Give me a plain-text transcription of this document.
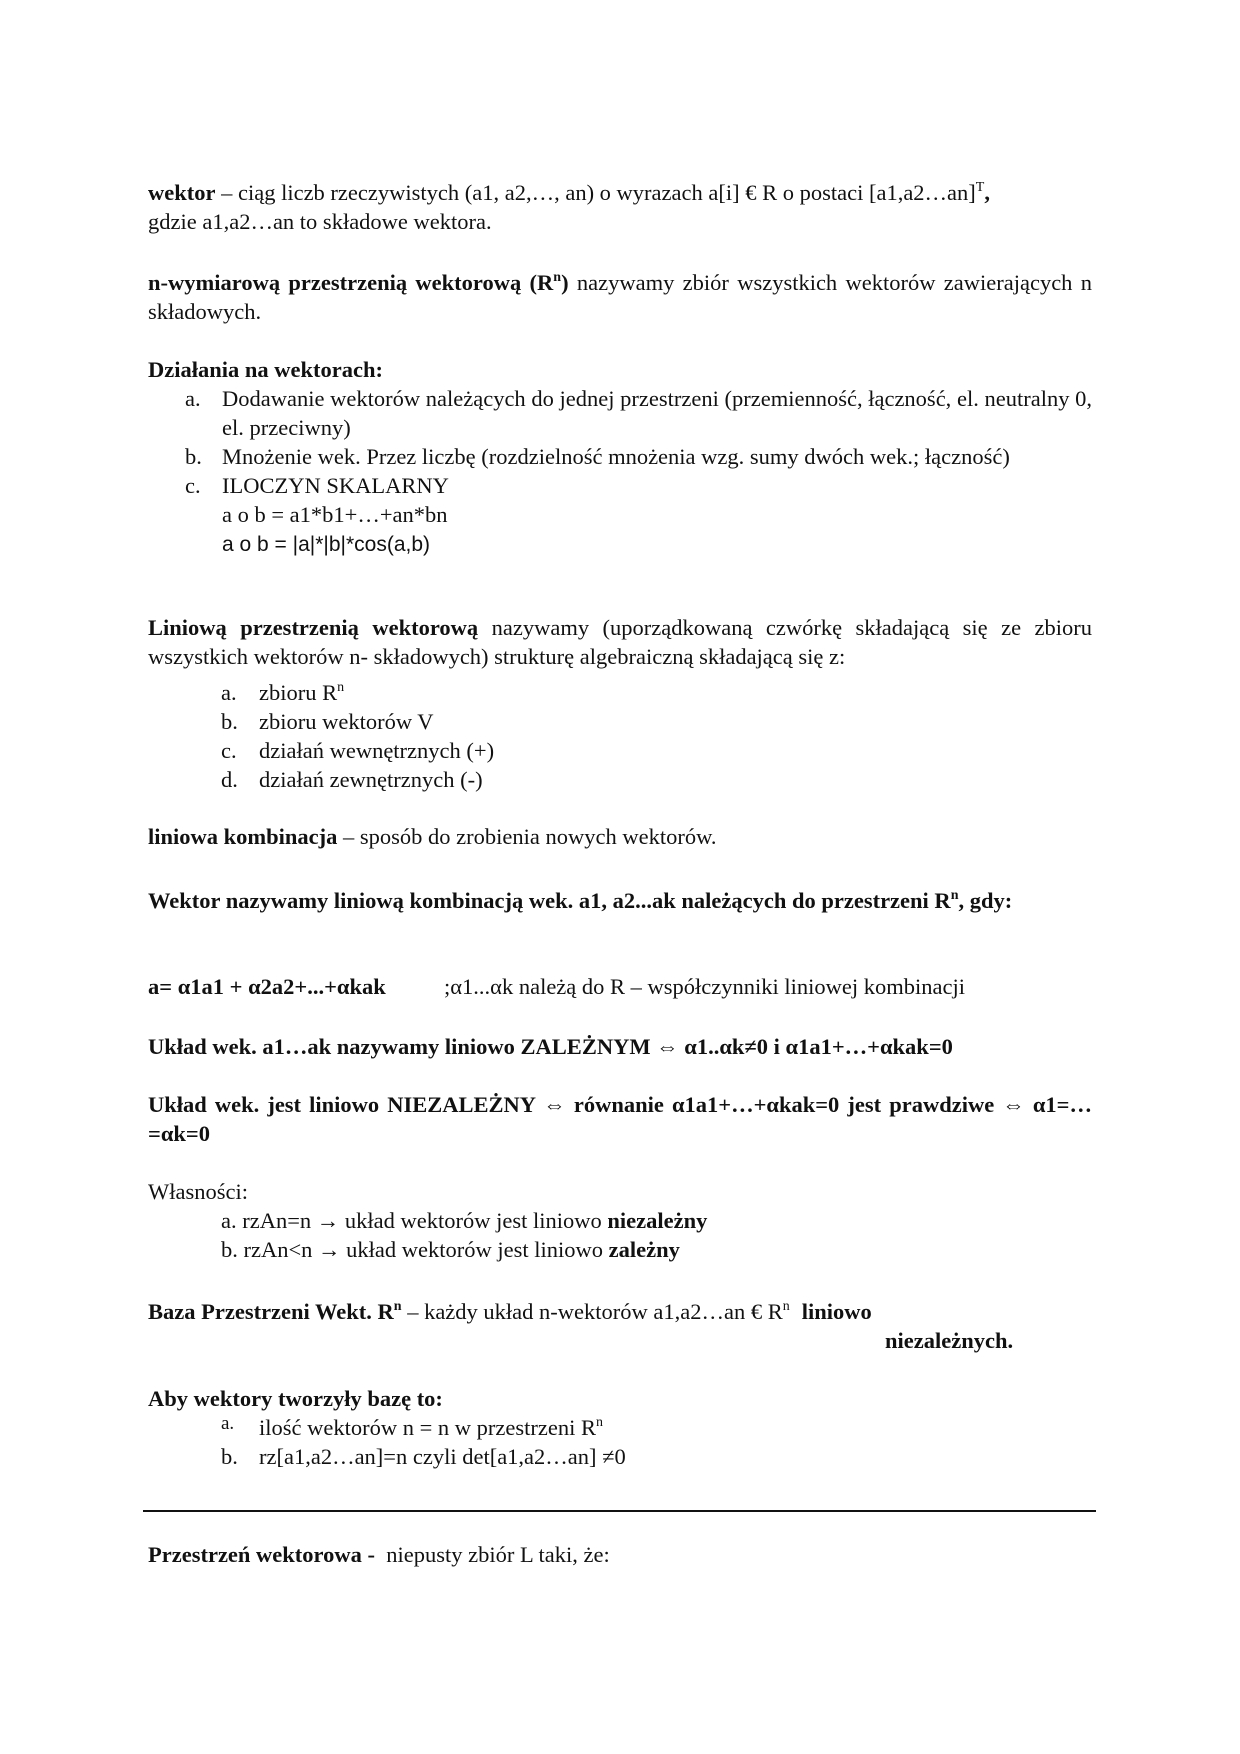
wektor – ciąg liczb rzeczywistych (a1, a2,…, an) o wyrazach a[i] € R o postaci [a1,a2…an]$^T$,
gdzie a1,a2…an to składowe wektora.

n-wymiarową przestrzenią wektorową $(R^n)$ nazywamy zbiór wszystkich wektorów zawierających n składowych.

Działania na wektorach:

a. Dodawanie wektorów należących do jednej przestrzeni (przemienność, łączność, el. neutralny 0, el. przeciwny)
b. Mnożenie wek. Przez liczbę (rozdzielność mnożenia wzg. sumy dwóch wek.; łączność)
c. ILOCZYN SKALARNY
a o b = a1*b1+…+an*bn
a o b = |a|*|b|*cos(a,b)

Liniową przestrzenią wektorową nazywamy (uporządkowaną czwórkę składającą się ze zbioru wszystkich wektorów n- składowych) strukturę algebraiczną składającą się z:

a. zbioru $R^n$
b. zbioru wektorów V
c. działań wewnętrznych (+)
d. działań zewnętrznych (-)

liniowa kombinacja – sposób do zrobienia nowych wektorów.

Wektor nazywamy liniową kombinacją wek. a1, a2...ak należących do przestrzeni $R^n$, gdy:

a= α1a1 + α2a2+...+αkak	;α1...αk należą do R – współczynniki liniowej kombinacji

Układ wek. a1…ak nazywamy liniowo ZALEŻNYM ⇔ α1..αk≠0 i α1a1+…+αkak=0

Układ wek. jest liniowo NIEZALEŻNY ⇔ równanie α1a1+…+αkak=0 jest prawdziwe ⇔ α1=…=αk=0

Własności:

a. rzAn=n → układ wektorów jest liniowo niezależny
b. rzAn<n → układ wektorów jest liniowo zależny

Baza Przestrzeni Wekt. $R^n$ – każdy układ n-wektorów a1,a2…an € $R^n$ liniowo

niezależnych.

Aby wektory tworzyły bazę to:

a. ilość wektorów n = n w przestrzeni $R^n$
b. rz[a1,a2…an]=n czyli det[a1,a2…an] ≠0

Przestrzeń wektorowa -  niepusty zbiór L taki, że:
